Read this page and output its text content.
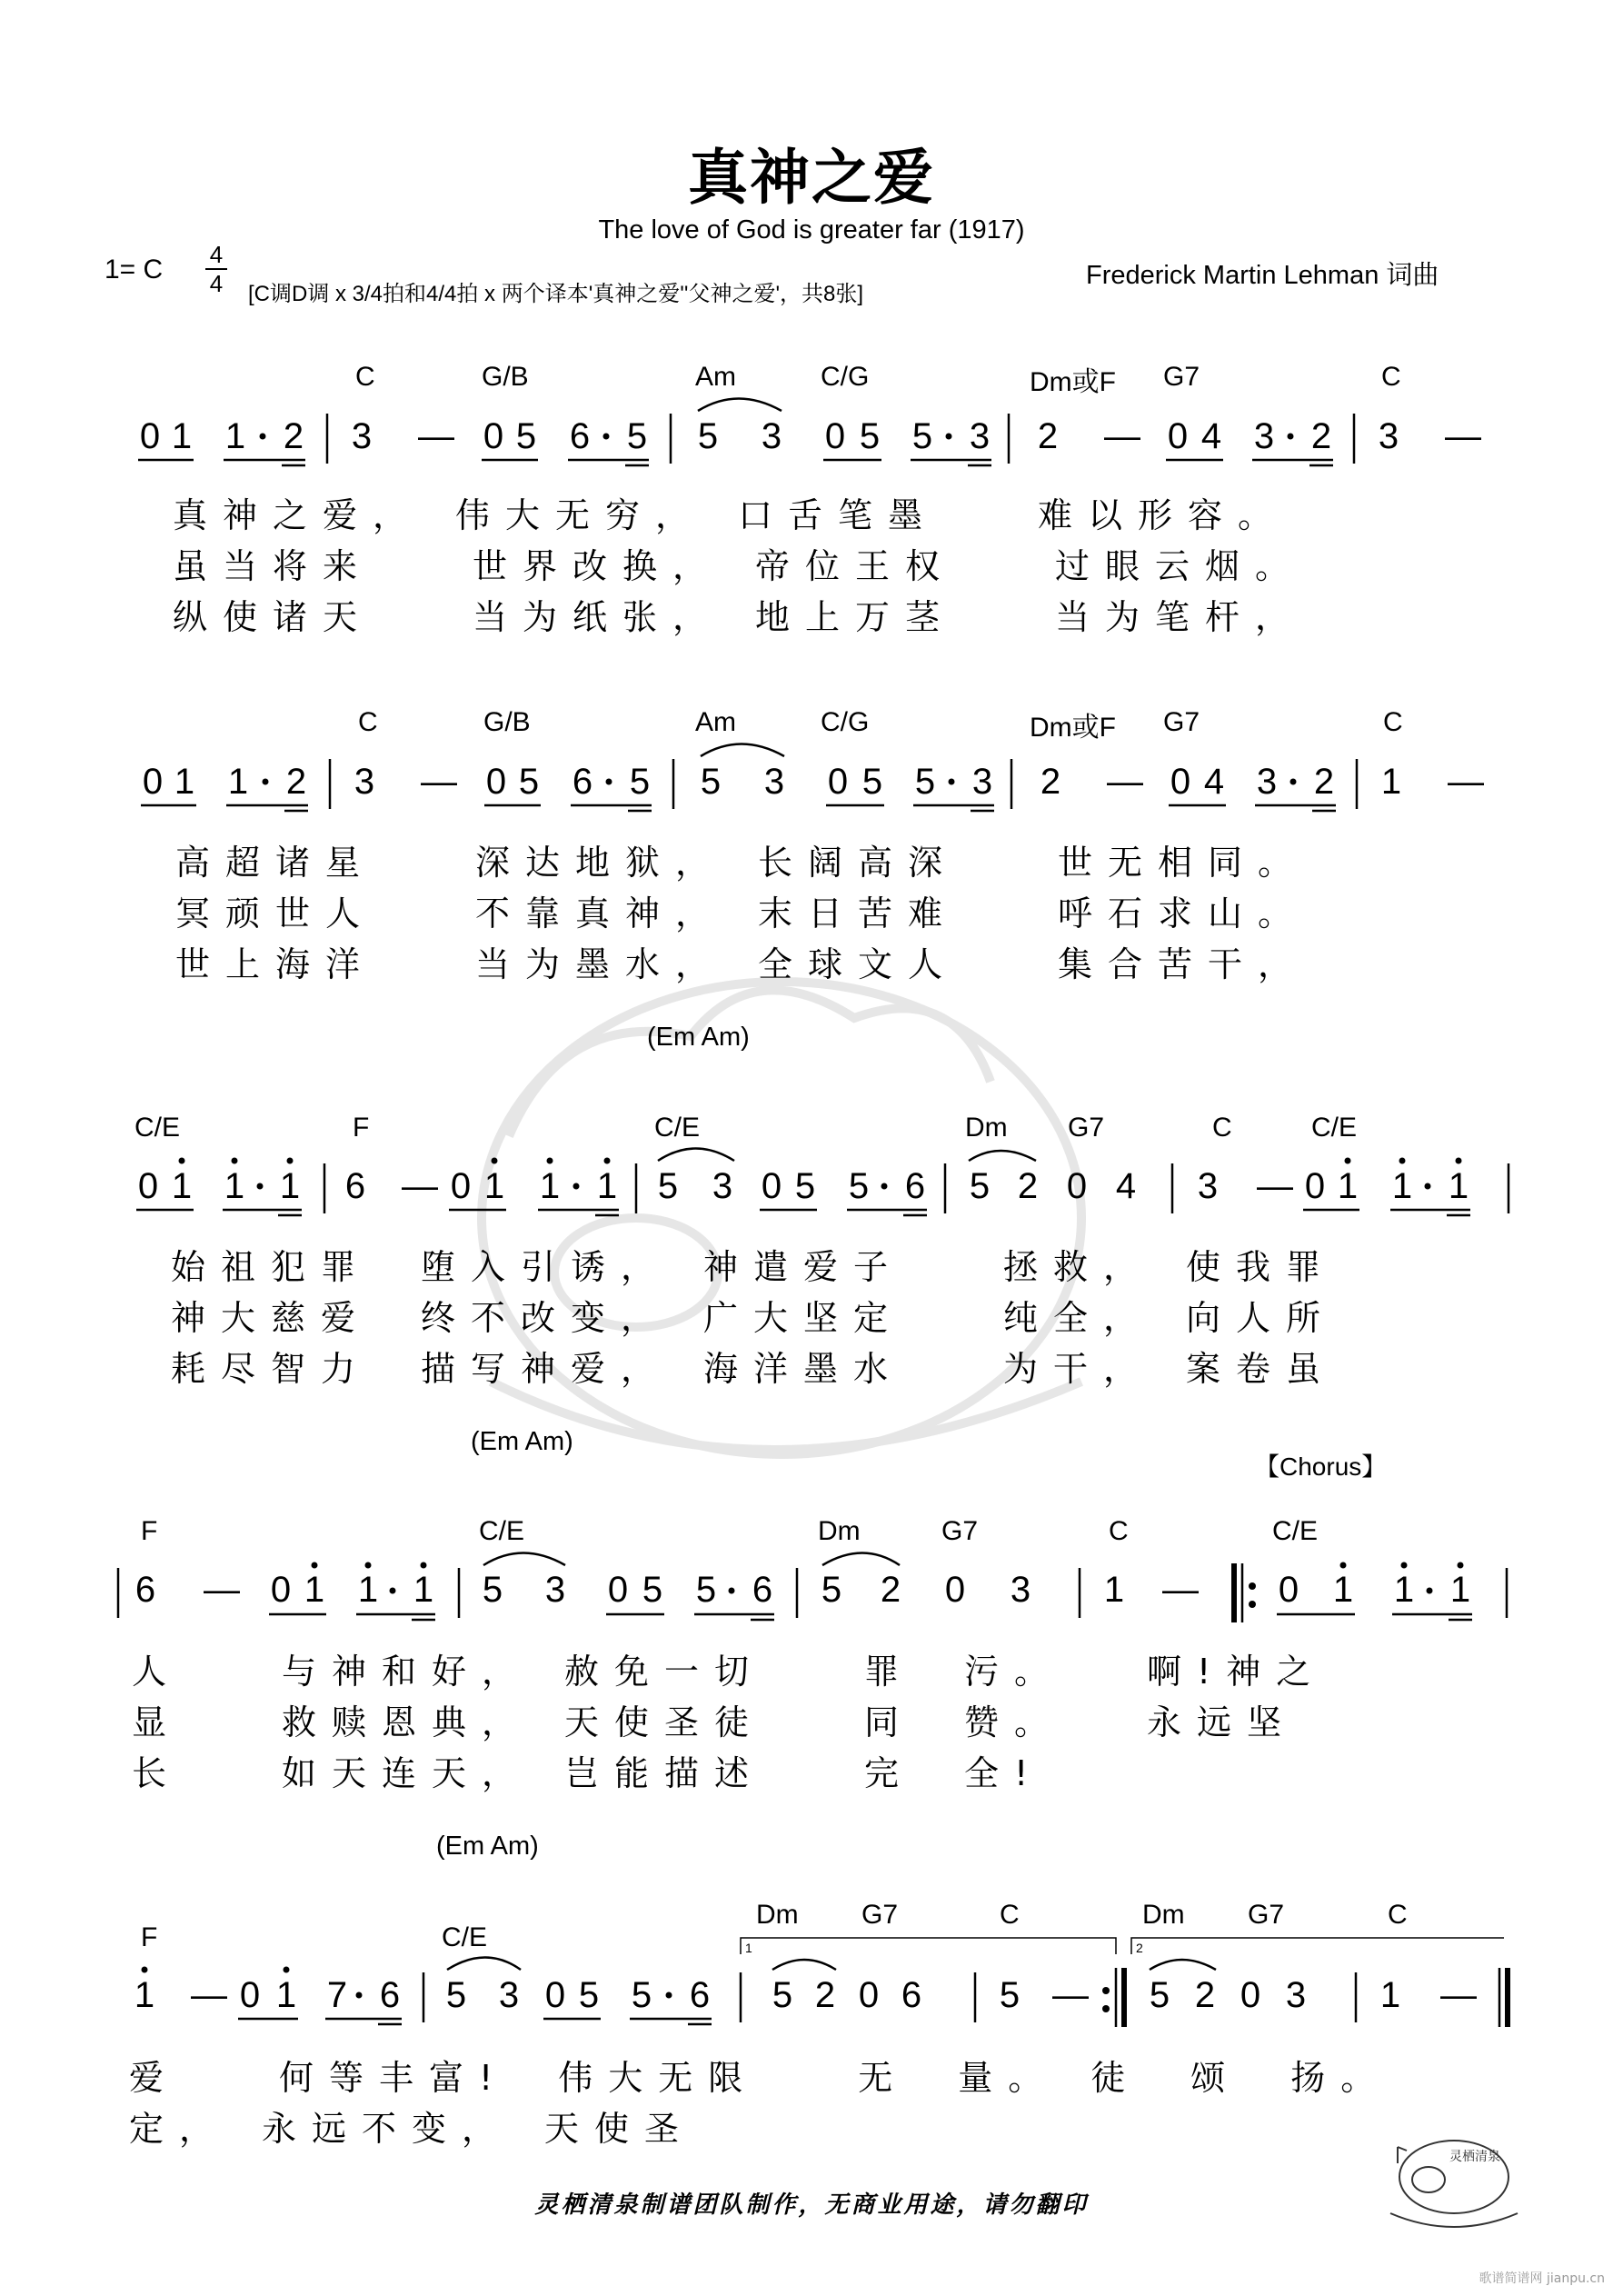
真神之爱
The love of God is greater far (1917)
1= C 4
4	[C调D调 x 3/4拍和4/4拍 x 两个译本'真神之爱''父神之爱'，共8张]
Frederick Martin Lehman 词曲
C	G/B	Am	C/G	Dm或F G7	C
C	G/B	Am	C/G	Dm或F G7	C
(Em Am)
C/E	F	C/E	Dm G7	C	C/E
(Em Am)
【Chorus】
F	C/E	Dm	G7	C	C/E
(Em Am)
F	C/E
Dm G7	C	Dm G7	C
0 1 1 2 3 — 0 5 6 5 5 3 0 5 5 3 2 — 0 4 3 2 3 —
0 1 1 2 3 — 0 5 6 5 5 3 0 5 5 3 2 — 0 4 3 2 1 —
0 1 1 1 6 — 0 1 1 1 5 3 0 5 5 6 5 2 0 4 3 — 0 1 1 1
6 — 0 1 1 1 5 3 0 5 5 6 5 2 0 3 1 — 0 1 1 1
1 — 0 1 7 6 5 3 0 5 5 6 5 2 0 6 5 — 5 2 0 3 1 —
1	2
真神之爱，　伟大无穷，　口舌笔墨　　难以形容。
虽当将来　　世界改换，　帝位王权　　过眼云烟。
纵使诸天　　当为纸张，　地上万茎　　当为笔杆，
高超诸星　　深达地狱，　长阔高深　　世无相同。
冥顽世人　　不靠真神，　末日苦难　　呼石求山。
世上海洋　　当为墨水，　全球文人　　集合苦干，
始祖犯罪　堕入引诱，　神遣爱子　　拯救，　使我罪
神大慈爱　终不改变，　广大坚定　　纯全，　向人所
耗尽智力　描写神爱，　海洋墨水　　为干，　案卷虽
人　　与神和好，　赦免一切　　罪　污。　　啊!神之
显　　救赎恩典，　天使圣徒　　同　赞。　　永远坚
长　　如天连天，　岂能描述　　完　全!
爱　　何等丰富!　伟大无限　　无　量。　徒　颂　扬。
定，　永远不变，　天使圣
灵栖清泉制谱团队制作，无商业用途，请勿翻印
灵栖清泉
歌谱简谱网 jianpu.cn
